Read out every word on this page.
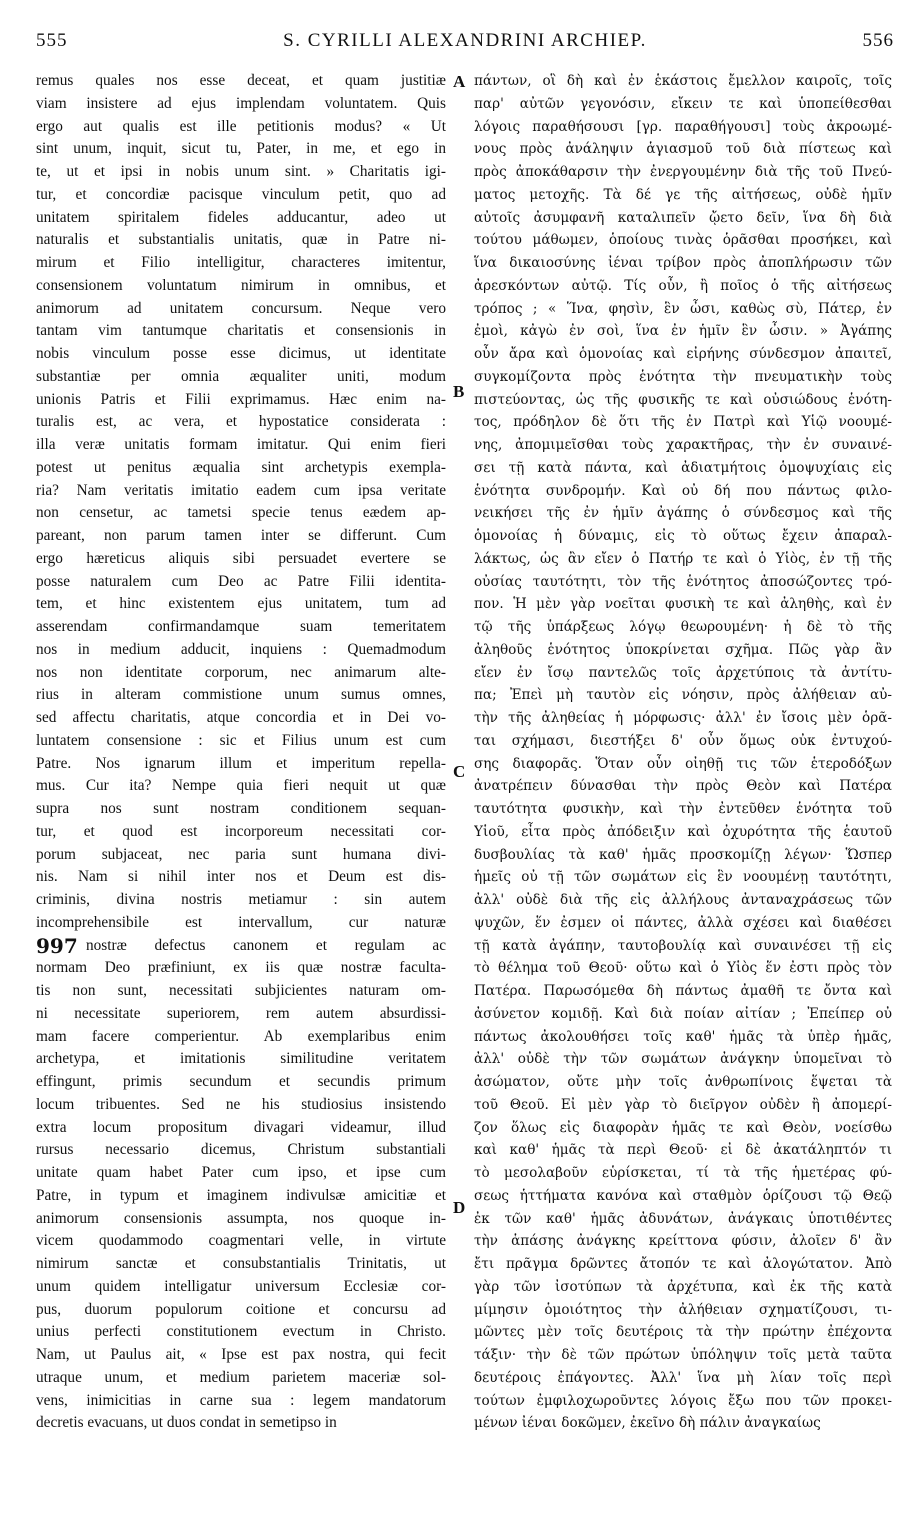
555	S. CYRILLI ALEXANDRINI ARCHIEP.	556
remus quales nos esse deceat, et quam justitiæ
viam insistere ad ejus implendam voluntatem. Quis
ergo aut qualis est ille petitionis modus? « Ut
sint unum, inquit, sicut tu, Pater, in me, et ego in
te, ut et ipsi in nobis unum sint. » Charitatis igi-
tur, et concordiæ pacisque vinculum petit, quo ad
unitatem spiritalem fideles adducantur, adeo ut
naturalis et substantialis unitatis, quæ in Patre ni-
mirum et Filio intelligitur, characteres imitentur,
consensionem voluntatum nimirum in omnibus, et
animorum ad unitatem concursum. Neque vero
tantam vim tantumque charitatis et consensionis in
nobis vinculum posse esse dicimus, ut identitate
substantiæ per omnia æqualiter uniti, modum
unionis Patris et Filii exprimamus. Hæc enim na-
turalis est, ac vera, et hypostatice considerata :
illa veræ unitatis formam imitatur. Qui enim fieri
potest ut penitus æqualia sint archetypis exempla-
ria? Nam veritatis imitatio eadem cum ipsa veritate
non censetur, ac tametsi specie tenus eædem ap-
pareant, non parum tamen inter se differunt. Cum
ergo hæreticus aliquis sibi persuadet evertere se
posse naturalem cum Deo ac Patre Filii identita-
tem, et hinc existentem ejus unitatem, tum ad
asserendam confirmandamque suam temeritatem
nos in medium adducit, inquiens : Quemadmodum
nos non identitate corporum, nec animarum alte-
rius in alteram commistione unum sumus omnes,
sed affectu charitatis, atque concordia et in Dei vo-
luntatem consensione : sic et Filius unum est cum
Patre. Nos ignarum illum et imperitum repella-
mus. Cur ita? Nempe quia fieri nequit ut quæ
supra nos sunt nostram conditionem sequan-
tur, et quod est incorporeum necessitati cor-
porum subjaceat, nec paria sunt humana divi-
nis. Nam si nihil inter nos et Deum est dis-
criminis, divina nostris metiamur : sin autem
incomprehensibile est intervallum, cur naturæ
nostræ defectus canonem et regulam ac
normam Deo præfiniunt, ex iis quæ nostræ facultа-
tis non sunt, necessitati subjicientes naturam om-
ni necessitate superiorem, rem autem absurdissi-
mam facere comperientur. Ab exemplaribus enim
archetypa, et imitationis similitudine veritatem
effingunt, primis secundum et secundis primum
locum tribuentes. Sed ne his studiosius insistendo
extra locum propositum divagari videamur, illud
rursus necessario dicemus, Christum substantiali
unitate quam habet Pater cum ipso, et ipse cum
Patre, in typum et imaginem indivulsæ amicitiæ et
animorum consensionis assumpta, nos quoque in-
vicem quodammodo coagmentari velle, in virtute
nimirum sanctæ et consubstantialis Trinitatis, ut
unum quidem intelligatur universum Ecclesiæ cor-
pus, duorum populorum coitione et concursu ad
unius perfecti constitutionem evectum in Christo.
Nam, ut Paulus ait, « Ipse est pax nostra, qui fecit
utraque unum, et medium parietem maceriæ sol-
vens, inimicitias in carne sua : legem mandatorum
decretis evacuans, ut duos condat in semetipso in
πάντων, οἳ δὴ καὶ ἐν ἑκάστοις ἔμελλον καιροῖς, τοῖς
παρ' αὐτῶν γεγονόσιν, εἴκειν τε καὶ ὑποπείθεσθαι
λόγοις παραθήσουσι [γρ. παραθήγουσι] τοὺς ἀκροωμέ-
νους πρὸς ἀνάληψιν ἁγιασμοῦ τοῦ διὰ πίστεως καὶ
πρὸς ἀποκάθαρσιν τὴν ἐνεργουμένην διὰ τῆς τοῦ Πνεύ-
ματος μετοχῆς. Τὰ δέ γε τῆς αἰτήσεως, οὐδὲ ἡμῖν
αὐτοῖς ἀσυμφανῆ καταλιπεῖν ᾤετο δεῖν, ἵνα δὴ διὰ
τούτου μάθωμεν, ὁποίους τινὰς ὁρᾶσθαι προσήκει, καὶ
ἵνα δικαιοσύνης ἰέναι τρίβον πρὸς ἀποπλήρωσιν τῶν
ἀρεσκόντων αὐτῷ. Τίς οὖν, ἢ ποῖος ὁ τῆς αἰτήσεως
τρόπος ; « Ἵνα, φησὶν, ἓν ὦσι, καθὼς σὺ, Πάτερ, ἐν
ἐμοὶ, κἀγὼ ἐν σοὶ, ἵνα ἐν ἡμῖν ἓν ὦσιν. » Ἀγάπης
οὖν ἄρα καὶ ὁμονοίας καὶ εἰρήνης σύνδεσμον ἀπαιτεῖ,
συγκομίζοντα πρὸς ἑνότητα τὴν πνευματικὴν τοὺς
πιστεύοντας, ὡς τῆς φυσικῆς τε καὶ οὐσιώδους ἑνότη-
τος, πρόδηλον δὲ ὅτι τῆς ἐν Πατρὶ καὶ Υἱῷ νοουμέ-
νης, ἀπομιμεῖσθαι τοὺς χαρακτῆρας, τὴν ἐν συναινέ-
σει τῇ κατὰ πάντα, καὶ ἀδιατμήτοις ὁμοψυχίαις εἰς
ἑνότητα συνδρομήν. Καὶ οὐ δή που πάντως φιλο-
νεικήσει τῆς ἐν ἡμῖν ἀγάπης ὁ σύνδεσμος καὶ τῆς
ὁμονοίας ἡ δύναμις, εἰς τὸ οὕτως ἔχειν ἀπαραλ-
λάκτως, ὡς ἂν εἴεν ὁ Πατήρ τε καὶ ὁ Υἱὸς, ἐν τῇ τῆς
οὐσίας ταυτότητι, τὸν τῆς ἑνότητος ἀποσώζοντες τρό-
πον. Ἡ μὲν γὰρ νοεῖται φυσικὴ τε καὶ ἀληθὴς, καὶ ἐν
τῷ τῆς ὑπάρξεως λόγῳ θεωρουμένη· ἡ δὲ τὸ τῆς
ἀληθοῦς ἑνότητος ὑποκρίνεται σχῆμα. Πῶς γὰρ ἂν
εἴεν ἐν ἴσῳ παντελῶς τοῖς ἀρχετύποις τὰ ἀντίτυ-
πα; Ἐπεὶ μὴ ταυτὸν εἰς νόησιν, πρὸς ἀλήθειαν αὐ-
τὴν τῆς ἀληθείας ἡ μόρφωσις· ἀλλ' ἐν ἴσοις μὲν ὁρᾶ-
ται σχήμασι, διεστήξει δ' οὖν ὅμως οὐκ ἐντυχού-
σης διαφορᾶς. Ὅταν οὖν οἰηθῇ τις τῶν ἑτεροδόξων
ἀνατρέπειν δύνασθαι τὴν πρὸς Θεὸν καὶ Πατέρα
ταυτότητα φυσικὴν, καὶ τὴν ἐντεῦθεν ἑνότητα τοῦ
Υἱοῦ, εἶτα πρὸς ἀπόδειξιν καὶ ὀχυρότητα τῆς ἑαυτοῦ
δυσβουλίας τὰ καθ' ἡμᾶς προσκομίζῃ λέγων· Ὥσπερ
ἡμεῖς οὐ τῇ τῶν σωμάτων εἰς ἓν νοουμένῃ ταυτότητι,
ἀλλ' οὐδὲ διὰ τῆς εἰς ἀλλήλους ἀνταναχράσεως τῶν
ψυχῶν, ἕν ἐσμεν οἱ πάντες, ἀλλὰ σχέσει καὶ διαθέσει
τῇ κατὰ ἀγάπην, ταυτοβουλίᾳ καὶ συναινέσει τῇ εἰς
τὸ θέλημα τοῦ Θεοῦ· οὕτω καὶ ὁ Υἱὸς ἕν ἐστι πρὸς τὸν
Πατέρα. Παρωσόμεθα δὴ πάντως ἀμαθῆ τε ὄντα καὶ
ἀσύνετον κομιδῇ. Καὶ διὰ ποίαν αἰτίαν ; Ἐπείπερ οὐ
πάντως ἀκολουθήσει τοῖς καθ' ἡμᾶς τὰ ὑπὲρ ἡμᾶς,
ἀλλ' οὐδὲ τὴν τῶν σωμάτων ἀνάγκην ὑπομεῖναι τὸ
ἀσώματον, οὔτε μὴν τοῖς ἀνθρωπίνοις ἕψεται τὰ
τοῦ Θεοῦ. Εἰ μὲν γὰρ τὸ διεῖργον οὐδὲν ἢ ἀπομερί-
ζον ὅλως εἰς διαφορὰν ἡμᾶς τε καὶ Θεὸν, νοείσθω
καὶ καθ' ἡμᾶς τὰ περὶ Θεοῦ· εἰ δὲ ἀκατάληπτόν τι
τὸ μεσολαβοῦν εὑρίσκεται, τί τὰ τῆς ἡμετέρας φύ-
σεως ἡττήματα κανόνα καὶ σταθμὸν ὁρίζουσι τῷ Θεῷ
ἐκ τῶν καθ' ἡμᾶς ἀδυνάτων, ἀνάγκαις ὑποτιθέντες
τὴν ἁπάσης ἀνάγκης κρείττονα φύσιν, ἀλοῖεν δ' ἂν
ἔτι πρᾶγμα δρῶντες ἄτοπόν τε καὶ ἀλογώτατον. Ἀπὸ
γὰρ τῶν ἰσοτύπων τὰ ἀρχέτυπα, καὶ ἐκ τῆς κατὰ
μίμησιν ὁμοιότητος τὴν ἀλήθειαν σχηματίζουσι, τι-
μῶντες μὲν τοῖς δευτέροις τὰ τὴν πρώτην ἐπέχοντα
τάξιν· τὴν δὲ τῶν πρώτων ὑπόληψιν τοῖς μετὰ ταῦτα
δευτέροις ἐπάγοντες. Ἀλλ' ἵνα μὴ λίαν τοῖς περὶ
τούτων ἐμφιλοχωροῦντες λόγοις ἔξω που τῶν προκει-
μένων ἰέναι δοκῶμεν, ἐκεῖνο δὴ πάλιν ἀναγκαίως
A
B
C
D
997
